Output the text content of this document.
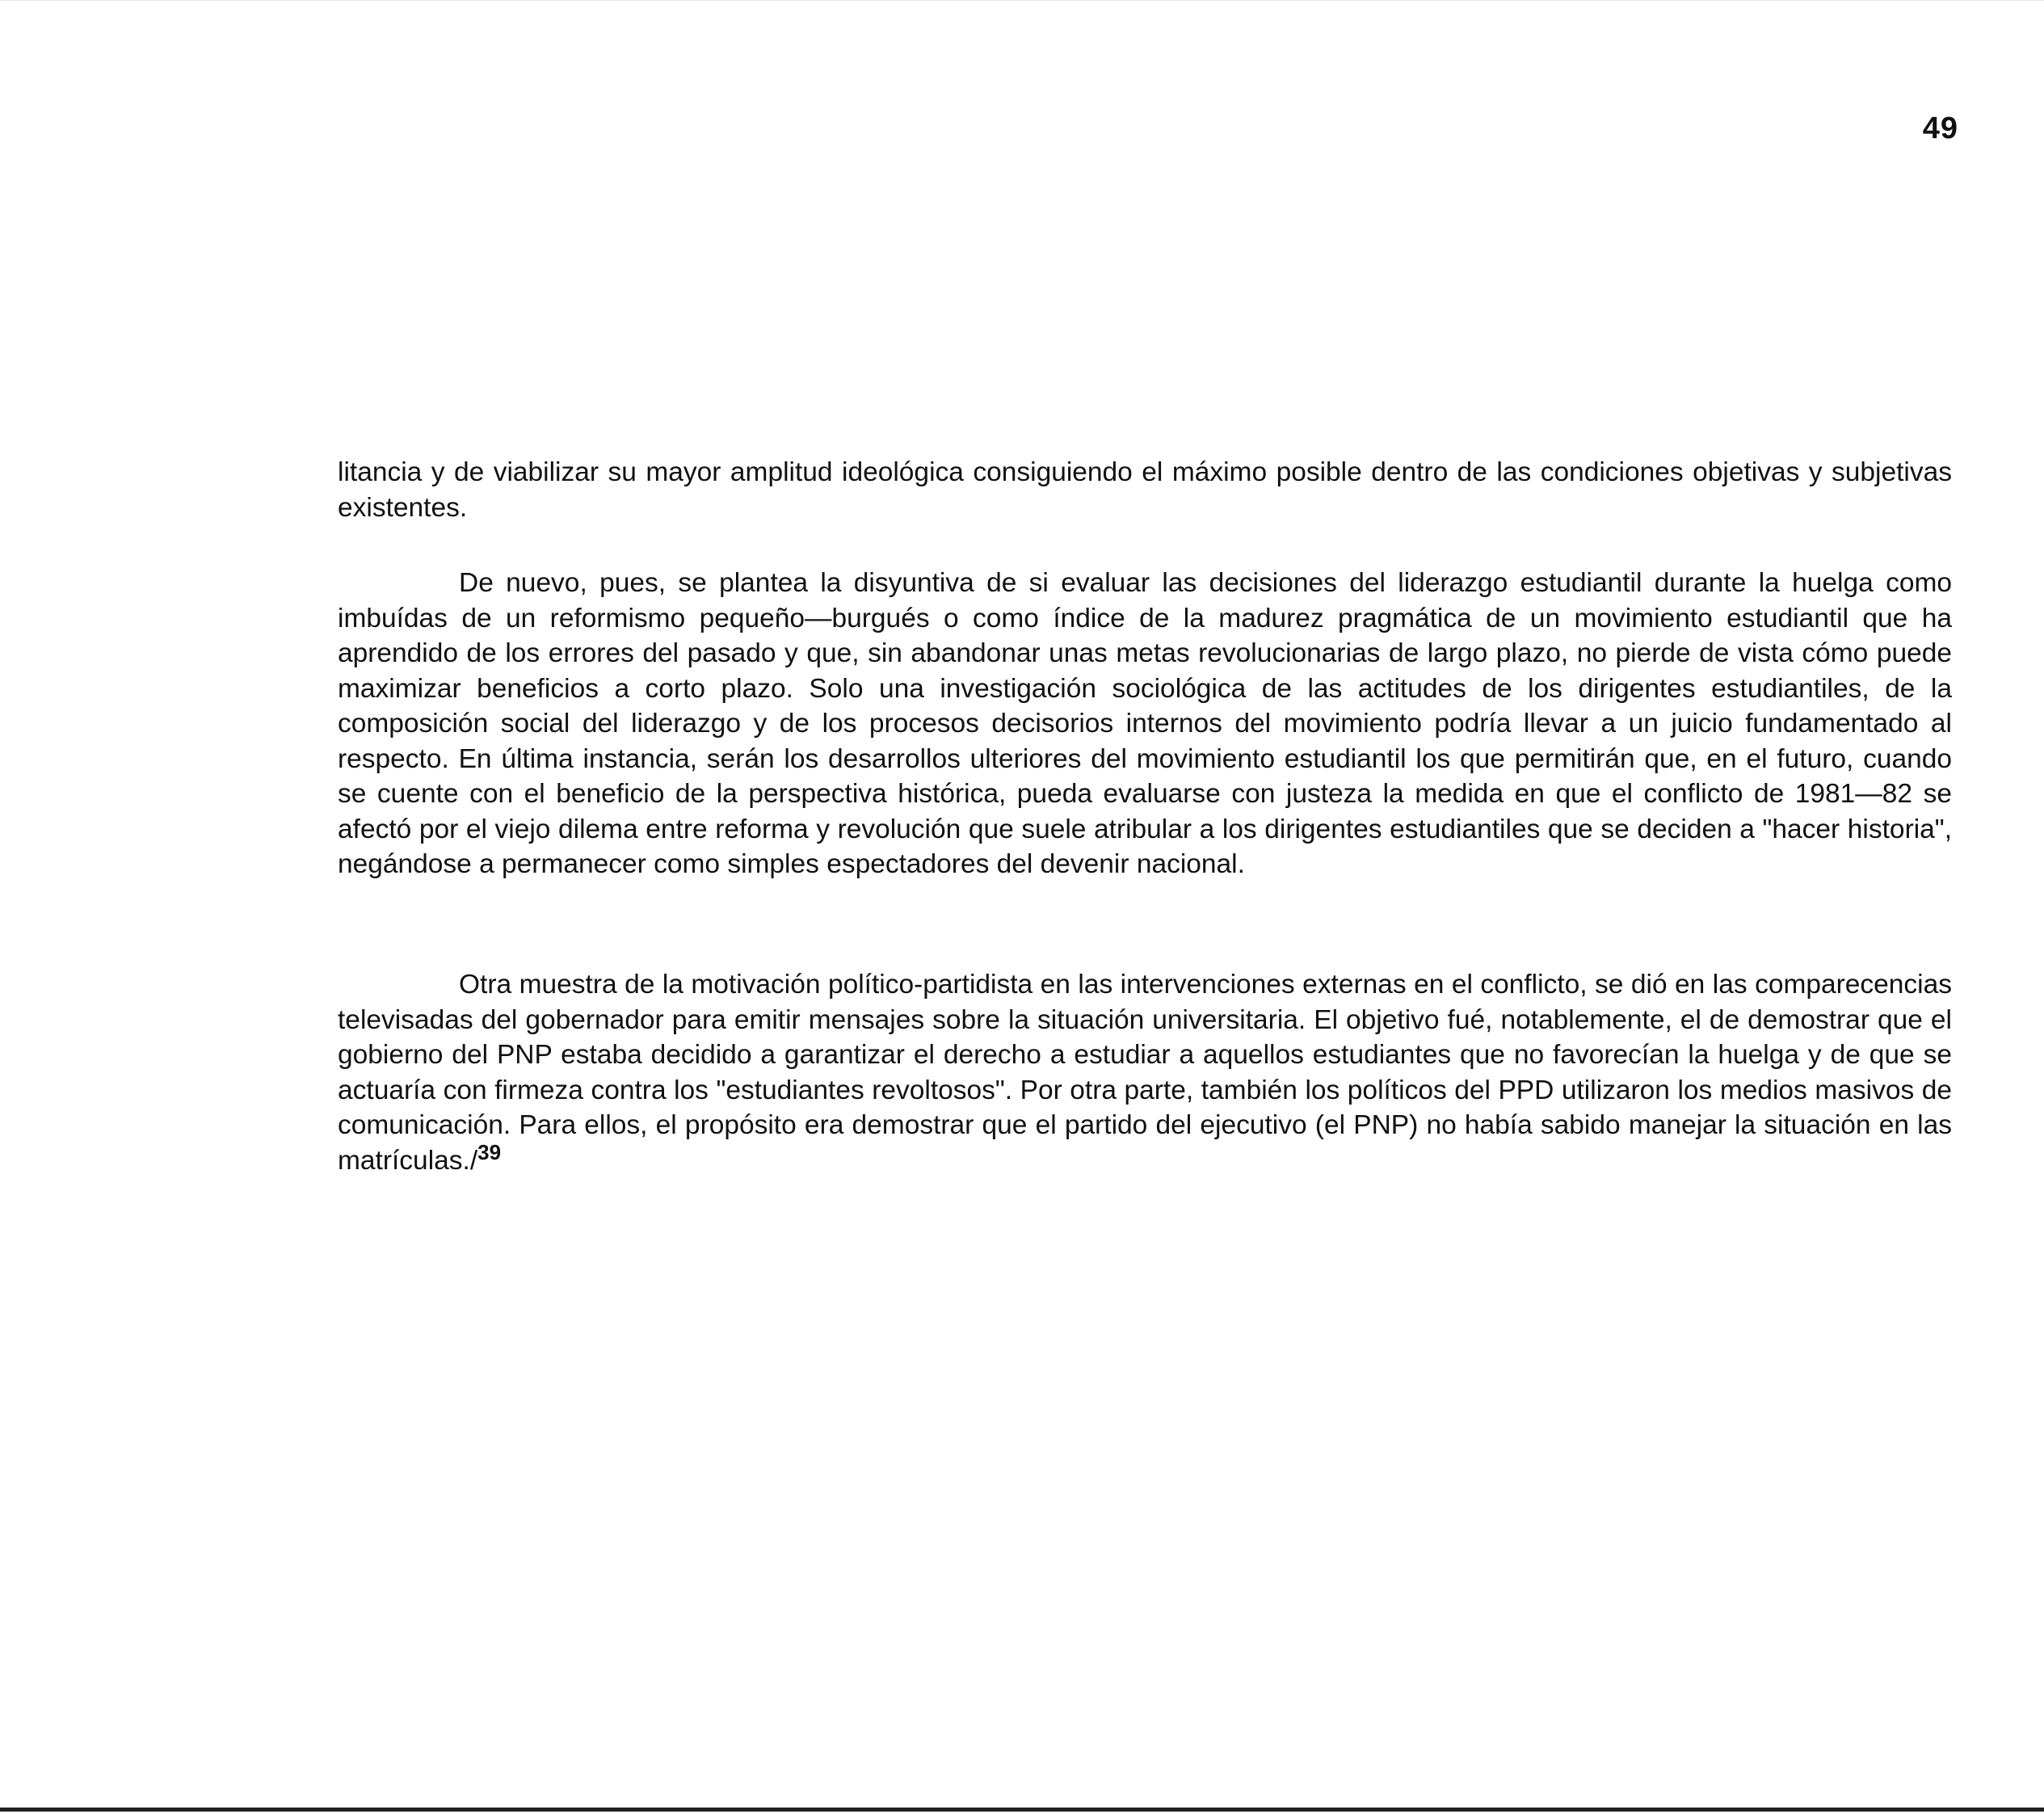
49

litancia y de viabilizar su mayor amplitud ideológica consiguiendo el máximo posible dentro de las condiciones objetivas y subjetivas existentes.

De nuevo, pues, se plantea la disyuntiva de si evaluar las decisiones del liderazgo estudiantil durante la huelga como imbuídas de un reformismo pequeño—burgués o como índice de la madurez pragmática de un movimiento estudiantil que ha aprendido de los errores del pasado y que, sin abandonar unas metas revolucionarias de largo plazo, no pierde de vista cómo puede maximizar beneficios a corto plazo. Solo una investigación sociológica de las actitudes de los dirigentes estudiantiles, de la composición social del liderazgo y de los procesos decisorios internos del movimiento podría llevar a un juicio fundamentado al respecto. En última instancia, serán los desarrollos ulteriores del movimiento estudiantil los que permitirán que, en el futuro, cuando se cuente con el beneficio de la perspectiva histórica, pueda evaluarse con justeza la medida en que el conflicto de 1981—82 se afectó por el viejo dilema entre reforma y revolución que suele atribular a los dirigentes estudiantiles que se deciden a "hacer historia", negándose a permanecer como simples espectadores del devenir nacional.

Otra muestra de la motivación político-partidista en las intervenciones externas en el conflicto, se dió en las comparecencias televisadas del gobernador para emitir mensajes sobre la situación universitaria. El objetivo fué, notablemente, el de demostrar que el gobierno del PNP estaba decidido a garantizar el derecho a estudiar a aquellos estudiantes que no favorecían la huelga y de que se actuaría con firmeza contra los "estudiantes revoltosos". Por otra parte, también los políticos del PPD utilizaron los medios masivos de comunicación. Para ellos, el propósito era demostrar que el partido del ejecutivo (el PNP) no había sabido manejar la situación en las matrículas./$^{39}$
